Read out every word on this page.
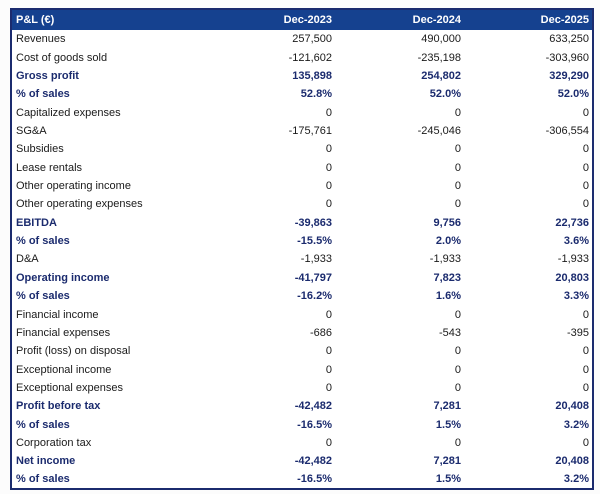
P&L (€)	Dec-2023	Dec-2024	Dec-2025
Revenues	257,500	490,000	633,250
Cost of goods sold	-121,602	-235,198	-303,960
Gross profit	135,898	254,802	329,290
% of sales	52.8%	52.0%	52.0%
Capitalized expenses	0	0	0
SG&A	-175,761	-245,046	-306,554
Subsidies	0	0	0
Lease rentals	0	0	0
Other operating income	0	0	0
Other operating expenses	0	0	0
EBITDA	-39,863	9,756	22,736
% of sales	-15.5%	2.0%	3.6%
D&A	-1,933	-1,933	-1,933
Operating income	-41,797	7,823	20,803
% of sales	-16.2%	1.6%	3.3%
Financial income	0	0	0
Financial expenses	-686	-543	-395
Profit (loss) on disposal	0	0	0
Exceptional income	0	0	0
Exceptional expenses	0	0	0
Profit before tax	-42,482	7,281	20,408
% of sales	-16.5%	1.5%	3.2%
Corporation tax	0	0	0
Net income	-42,482	7,281	20,408
% of sales	-16.5%	1.5%	3.2%
